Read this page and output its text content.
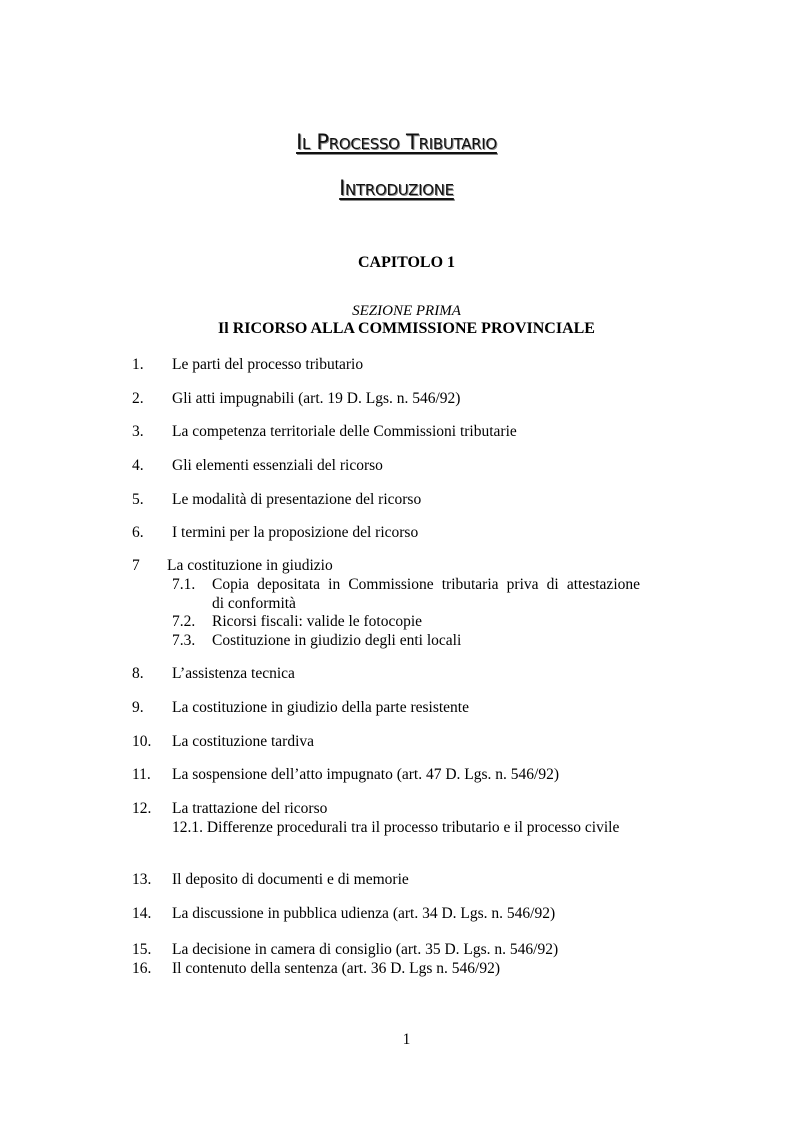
Il Processo Tributario
Introduzione
CAPITOLO 1
SEZIONE PRIMA
Il RICORSO ALLA COMMISSIONE PROVINCIALE
1. Le parti del processo tributario
2. Gli atti impugnabili (art. 19 D. Lgs. n. 546/92)
3. La competenza territoriale delle Commissioni tributarie
4. Gli elementi essenziali del ricorso
5. Le modalità di presentazione del ricorso
6. I termini per la proposizione del ricorso
7 La costituzione in giudizio
7.1. Copia depositata in Commissione tributaria priva di attestazione
di conformità
7.2. Ricorsi fiscali: valide le fotocopie
7.3. Costituzione in giudizio degli enti locali
8. L’assistenza tecnica
9. La costituzione in giudizio della parte resistente
10. La costituzione tardiva
11. La sospensione dell’atto impugnato (art. 47 D. Lgs. n. 546/92)
12. La trattazione del ricorso
12.1. Differenze procedurali tra il processo tributario e il processo civile
13. Il deposito di documenti e di memorie
14. La discussione in pubblica udienza (art. 34 D. Lgs. n. 546/92)
15. La decisione in camera di consiglio (art. 35 D. Lgs. n. 546/92)
16. Il contenuto della sentenza (art. 36 D. Lgs n. 546/92)
1
